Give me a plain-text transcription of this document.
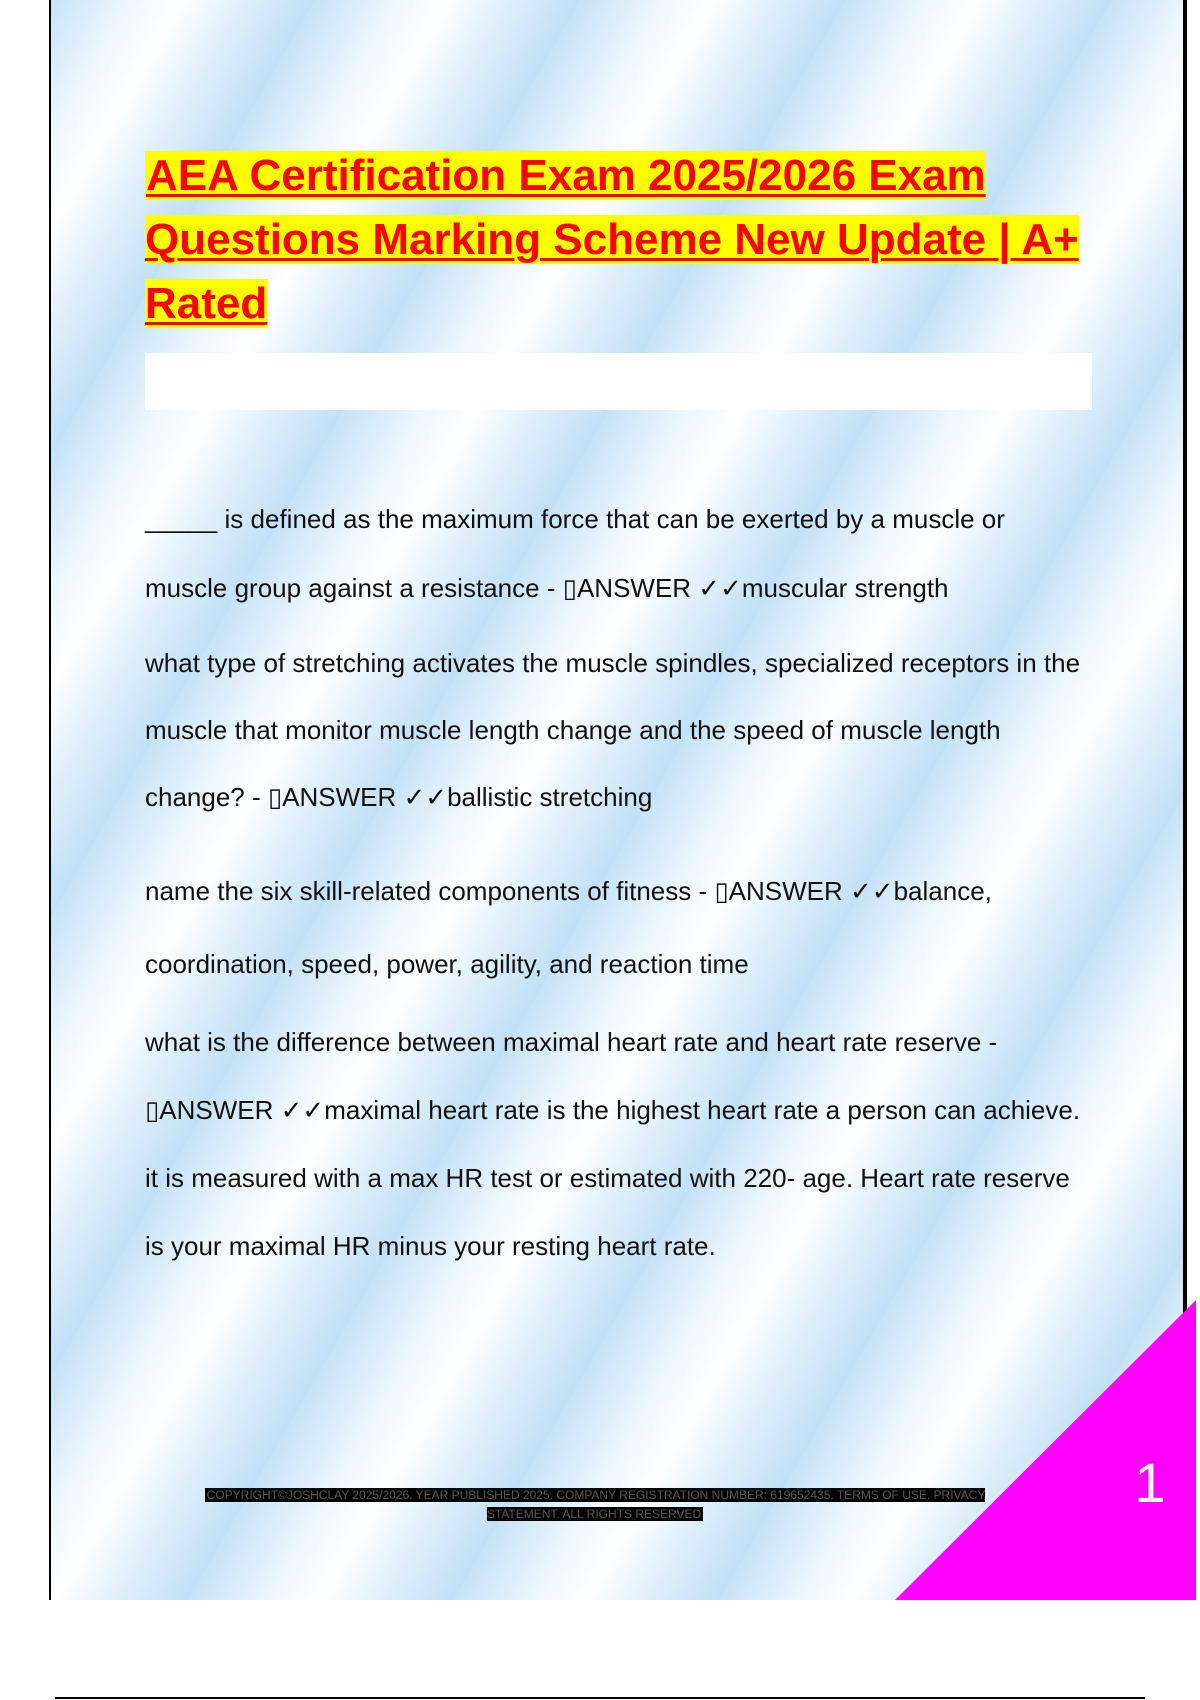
AEA Certification Exam 2025/2026 Exam Questions Marking Scheme New Update | A+ Rated

_____ is defined as the maximum force that can be exerted by a muscle or muscle group against a resistance - ▯ANSWER ✓✓muscular strength

what type of stretching activates the muscle spindles, specialized receptors in the muscle that monitor muscle length change and the speed of muscle length change? - ▯ANSWER ✓✓ballistic stretching

name the six skill-related components of fitness - ▯ANSWER ✓✓balance, coordination, speed, power, agility, and reaction time

what is the difference between maximal heart rate and heart rate reserve - ▯ANSWER ✓✓maximal heart rate is the highest heart rate a person can achieve. it is measured with a max HR test or estimated with 220- age. Heart rate reserve is your maximal HR minus your resting heart rate.

COPYRIGHT©JOSHCLAY 2025/2026. YEAR PUBLISHED 2025. COMPANY REGISTRATION NUMBER: 619652435. TERMS OF USE. PRIVACY STATEMENT. ALL RIGHTS RESERVED	1
